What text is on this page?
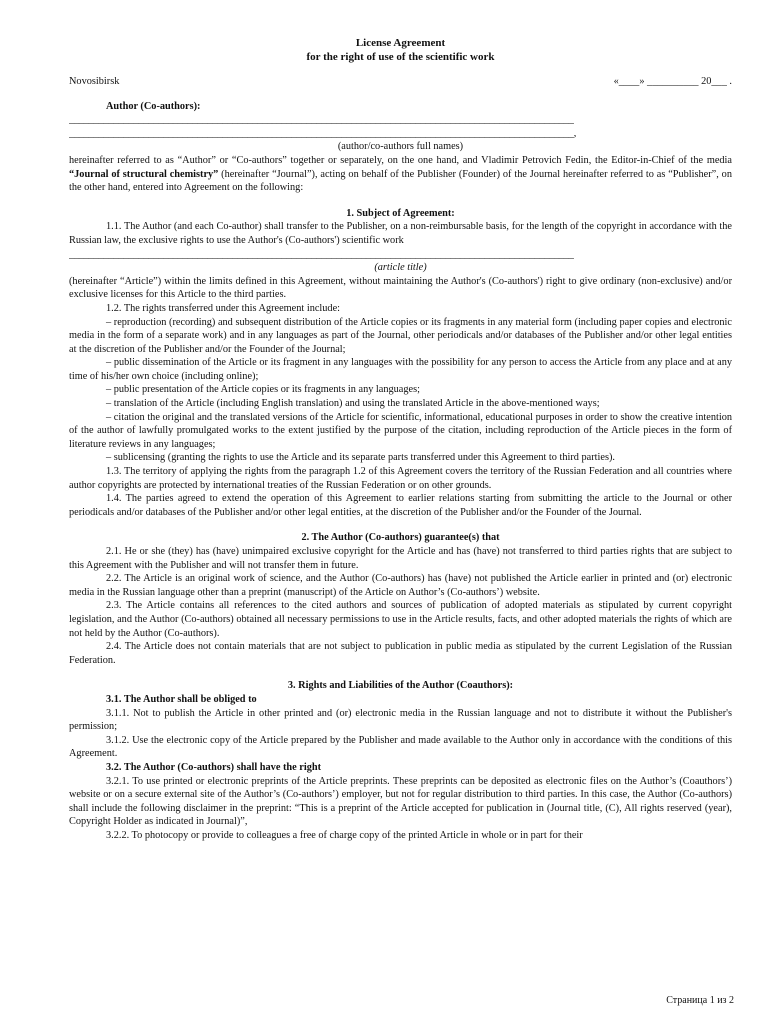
License Agreement
for the right of use of the scientific work
Novosibirsk	«____» __________ 20___ .
Author (Co-authors):
______________________________________________________________________________________________________
______________________________________________________________________________________________________,
(author/co-authors full names)

hereinafter referred to as “Author” or “Co-authors” together or separately, on the one hand, and Vladimir Petrovich Fedin, the Editor-in-Chief of the media “Journal of structural chemistry” (hereinafter “Journal”), acting on behalf of the Publisher (Founder) of the Journal hereinafter referred to as “Publisher”, on the other hand, entered into Agreement on the following:

1. Subject of Agreement:

1.1. The Author (and each Co-author) shall transfer to the Publisher, on a non-reimbursable basis, for the length of the copyright in accordance with the Russian law, the exclusive rights to use the Author's (Co-authors') scientific work

______________________________________________________________________________________________________
(article title)

(hereinafter “Article”) within the limits defined in this Agreement, without maintaining the Author's (Co-authors') right to give ordinary (non-exclusive) and/or exclusive licenses for this Article to the third parties.

1.2. The rights transferred under this Agreement include:

– reproduction (recording) and subsequent distribution of the Article copies or its fragments in any material form (including paper copies and electronic media in the form of a separate work) and in any languages as part of the Journal, other periodicals and/or databases of the Publisher and/or other legal entities at the discretion of the Publisher and/or the Founder of the Journal;

– public dissemination of the Article or its fragment in any languages with the possibility for any person to access the Article from any place and at any time of his/her own choice (including online);

– public presentation of the Article copies or its fragments in any languages;

– translation of the Article (including English translation) and using the translated Article in the above-mentioned ways;

– citation the original and the translated versions of the Article for scientific, informational, educational purposes in order to show the creative intention of the author of lawfully promulgated works to the extent justified by the purpose of the citation, including reproduction of the Article pieces in the form of literature reviews in any languages;

– sublicensing (granting the rights to use the Article and its separate parts transferred under this Agreement to third parties).

1.3. The territory of applying the rights from the paragraph 1.2 of this Agreement covers the territory of the Russian Federation and all countries where author copyrights are protected by international treaties of the Russian Federation or on other grounds.

1.4. The parties agreed to extend the operation of this Agreement to earlier relations starting from submitting the article to the Journal or other periodicals and/or databases of the Publisher and/or other legal entities, at the discretion of the Publisher and/or the Founder of the Journal.

2. The Author (Co-authors) guarantee(s) that

2.1. He or she (they) has (have) unimpaired exclusive copyright for the Article and has (have) not transferred to third parties rights that are subject to this Agreement with the Publisher and will not transfer them in future.

2.2. The Article is an original work of science, and the Author (Co-authors) has (have) not published the Article earlier in printed and (or) electronic media in the Russian language other than a preprint (manuscript) of the Article on Author’s (Co-authors’) website.

2.3. The Article contains all references to the cited authors and sources of publication of adopted materials as stipulated by current copyright legislation, and the Author (Co-authors) obtained all necessary permissions to use in the Article results, facts, and other adopted materials the rights of which are not held by the Author (Co-authors).

2.4. The Article does not contain materials that are not subject to publication in public media as stipulated by the current Legislation of the Russian Federation.

3. Rights and Liabilities of the Author (Coauthors):
3.1. The Author shall be obliged to

3.1.1. Not to publish the Article in other printed and (or) electronic media in the Russian language and not to distribute it without the Publisher's permission;

3.1.2. Use the electronic copy of the Article prepared by the Publisher and made available to the Author only in accordance with the conditions of this Agreement.

3.2. The Author (Co-authors) shall have the right

3.2.1. To use printed or electronic preprints of the Article preprints. These preprints can be deposited as electronic files on the Author’s (Coauthors’) website or on a secure external site of the Author’s (Co-authors’) employer, but not for regular distribution to third parties. In this case, the Author (Co-authors) shall include the following disclaimer in the preprint: “This is a preprint of the Article accepted for publication in (Journal title, (C), All rights reserved (year), Copyright Holder as indicated in Journal)”,

3.2.2. To photocopy or provide to colleagues a free of charge copy of the printed Article in whole or in part for their

Страница 1 из 2
